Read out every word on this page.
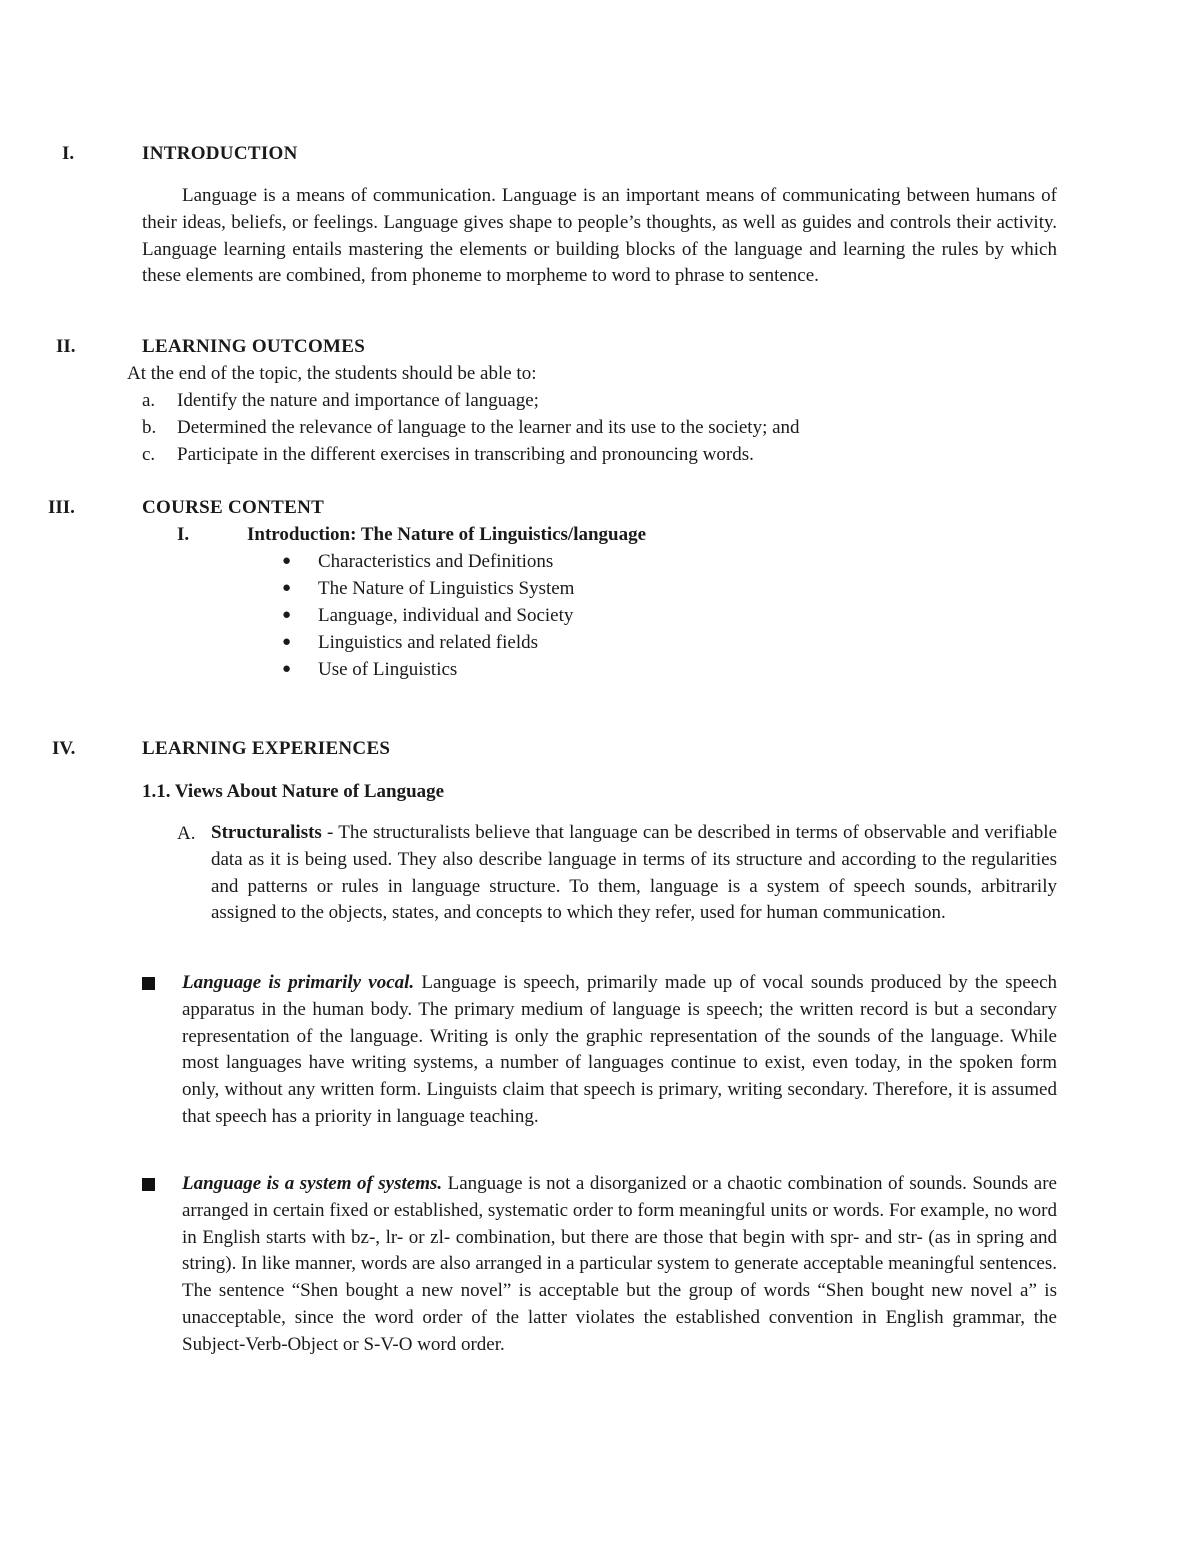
I.	INTRODUCTION
Language is a means of communication. Language is an important means of communicating between humans of their ideas, beliefs, or feelings. Language gives shape to people’s thoughts, as well as guides and controls their activity. Language learning entails mastering the elements or building blocks of the language and learning the rules by which these elements are combined, from phoneme to morpheme to word to phrase to sentence.
II.	LEARNING OUTCOMES
At the end of the topic, the students should be able to:
a. Identify the nature and importance of language;
b. Determined the relevance of language to the learner and its use to the society; and
c. Participate in the different exercises in transcribing and pronouncing words.
III.	COURSE CONTENT
I.	Introduction: The Nature of Linguistics/language
● Characteristics and Definitions
● The Nature of Linguistics System
● Language, individual and Society
● Linguistics and related fields
● Use of Linguistics
IV.	LEARNING EXPERIENCES
1.1. Views About Nature of Language
A. Structuralists - The structuralists believe that language can be described in terms of observable and verifiable data as it is being used. They also describe language in terms of its structure and according to the regularities and patterns or rules in language structure. To them, language is a system of speech sounds, arbitrarily assigned to the objects, states, and concepts to which they refer, used for human communication.
Language is primarily vocal. Language is speech, primarily made up of vocal sounds produced by the speech apparatus in the human body. The primary medium of language is speech; the written record is but a secondary representation of the language. Writing is only the graphic representation of the sounds of the language. While most languages have writing systems, a number of languages continue to exist, even today, in the spoken form only, without any written form. Linguists claim that speech is primary, writing secondary. Therefore, it is assumed that speech has a priority in language teaching.
Language is a system of systems. Language is not a disorganized or a chaotic combination of sounds. Sounds are arranged in certain fixed or established, systematic order to form meaningful units or words. For example, no word in English starts with bz-, lr- or zl- combination, but there are those that begin with spr- and str- (as in spring and string). In like manner, words are also arranged in a particular system to generate acceptable meaningful sentences. The sentence “Shen bought a new novel” is acceptable but the group of words “Shen bought new novel a” is unacceptable, since the word order of the latter violates the established convention in English grammar, the Subject-Verb-Object or S-V-O word order.
